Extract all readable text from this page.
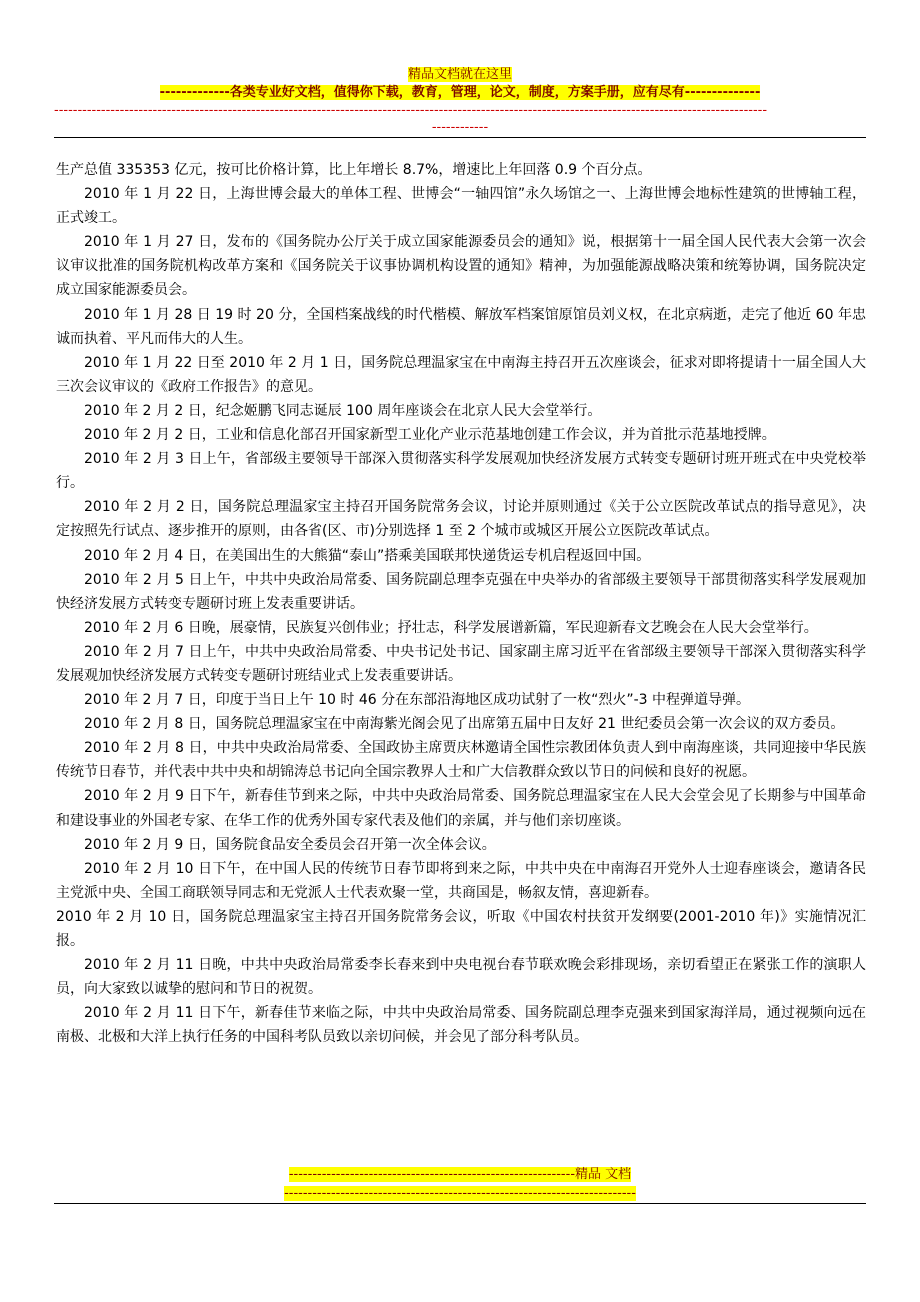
精品文档就在这里
-------------各类专业好文档，值得你下载，教育，管理，论文，制度，方案手册，应有尽有--------------
--------------------------------------------------------------------------------------------------------------------------------------------------------
------------

生产总值 335353 亿元，按可比价格计算，比上年增长 8.7%，增速比上年回落 0.9 个百分点。

2010 年 1 月 22 日，上海世博会最大的单体工程、世博会“一轴四馆”永久场馆之一、上海世博会地标性建筑的世博轴工程，正式竣工。

2010 年 1 月 27 日，发布的《国务院办公厅关于成立国家能源委员会的通知》说，根据第十一届全国人民代表大会第一次会议审议批准的国务院机构改革方案和《国务院关于议事协调机构设置的通知》精神，为加强能源战略决策和统筹协调，国务院决定成立国家能源委员会。

2010 年 1 月 28 日 19 时 20 分，全国档案战线的时代楷模、解放军档案馆原馆员刘义权，在北京病逝，走完了他近 60 年忠诚而执着、平凡而伟大的人生。

2010 年 1 月 22 日至 2010 年 2 月 1 日，国务院总理温家宝在中南海主持召开五次座谈会，征求对即将提请十一届全国人大三次会议审议的《政府工作报告》的意见。

2010 年 2 月 2 日，纪念姬鹏飞同志诞辰 100 周年座谈会在北京人民大会堂举行。

2010 年 2 月 2 日，工业和信息化部召开国家新型工业化产业示范基地创建工作会议，并为首批示范基地授牌。

2010 年 2 月 3 日上午，省部级主要领导干部深入贯彻落实科学发展观加快经济发展方式转变专题研讨班开班式在中央党校举行。

2010 年 2 月 2 日，国务院总理温家宝主持召开国务院常务会议，讨论并原则通过《关于公立医院改革试点的指导意见》，决定按照先行试点、逐步推开的原则，由各省(区、市)分别选择 1 至 2 个城市或城区开展公立医院改革试点。

2010 年 2 月 4 日，在美国出生的大熊猫“泰山”搭乘美国联邦快递货运专机启程返回中国。

2010 年 2 月 5 日上午，中共中央政治局常委、国务院副总理李克强在中央举办的省部级主要领导干部贯彻落实科学发展观加快经济发展方式转变专题研讨班上发表重要讲话。

2010 年 2 月 6 日晚，展豪情，民族复兴创伟业；抒壮志，科学发展谱新篇，军民迎新春文艺晚会在人民大会堂举行。

2010 年 2 月 7 日上午，中共中央政治局常委、中央书记处书记、国家副主席习近平在省部级主要领导干部深入贯彻落实科学发展观加快经济发展方式转变专题研讨班结业式上发表重要讲话。

2010 年 2 月 7 日，印度于当日上午 10 时 46 分在东部沿海地区成功试射了一枚“烈火”-3 中程弹道导弹。

2010 年 2 月 8 日，国务院总理温家宝在中南海紫光阁会见了出席第五届中日友好 21 世纪委员会第一次会议的双方委员。

2010 年 2 月 8 日，中共中央政治局常委、全国政协主席贾庆林邀请全国性宗教团体负责人到中南海座谈，共同迎接中华民族传统节日春节，并代表中共中央和胡锦涛总书记向全国宗教界人士和广大信教群众致以节日的问候和良好的祝愿。

2010 年 2 月 9 日下午，新春佳节到来之际，中共中央政治局常委、国务院总理温家宝在人民大会堂会见了长期参与中国革命和建设事业的外国老专家、在华工作的优秀外国专家代表及他们的亲属，并与他们亲切座谈。

2010 年 2 月 9 日，国务院食品安全委员会召开第一次全体会议。

2010 年 2 月 10 日下午，在中国人民的传统节日春节即将到来之际，中共中央在中南海召开党外人士迎春座谈会，邀请各民主党派中央、全国工商联领导同志和无党派人士代表欢聚一堂，共商国是，畅叙友情，喜迎新春。

2010 年 2 月 10 日，国务院总理温家宝主持召开国务院常务会议，听取《中国农村扶贫开发纲要(2001-2010 年)》实施情况汇报。

2010 年 2 月 11 日晚，中共中央政治局常委李长春来到中央电视台春节联欢晚会彩排现场，亲切看望正在紧张工作的演职人员，向大家致以诚挚的慰问和节日的祝贺。

2010 年 2 月 11 日下午，新春佳节来临之际，中共中央政治局常委、国务院副总理李克强来到国家海洋局，通过视频向远在南极、北极和大洋上执行任务的中国科考队员致以亲切问候，并会见了部分科考队员。

-------------------------------------------------------------精品 文档
---------------------------------------------------------------------------
